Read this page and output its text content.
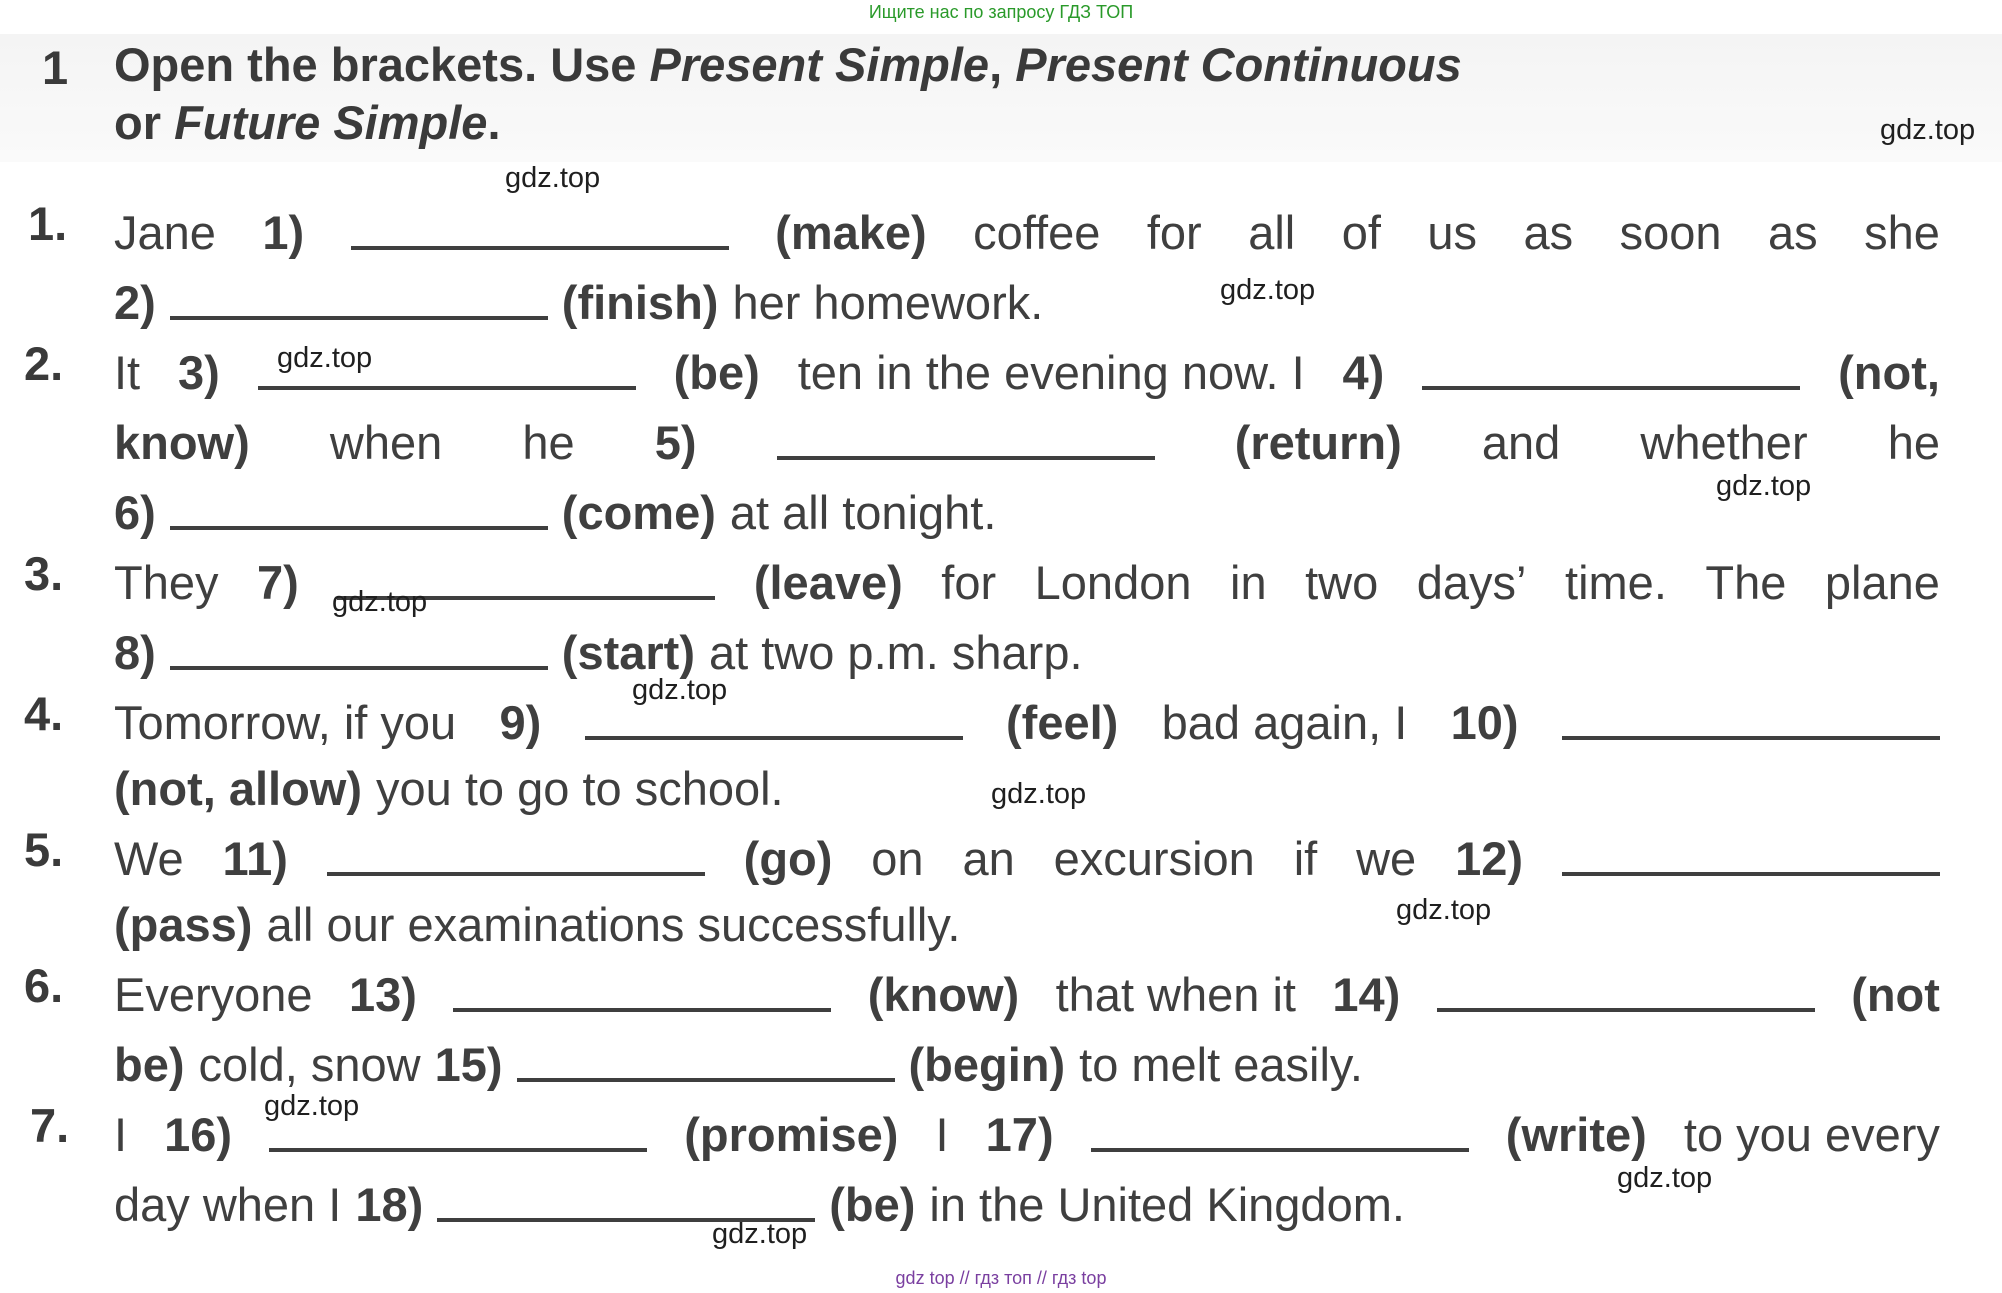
Ищите нас по запросу ГДЗ ТОП
1 Open the brackets. Use Present Simple, Present Continuous
or Future Simple.

1. Jane 1)	(make) coffee for all of us as soon as she
2)	(finish) her homework.
2. It 3)	(be) ten in the evening now. I 4)	(not,
know) when he 5)	(return) and whether he
6)	(come) at all tonight.
3. They 7)	(leave) for London in two days’ time. The plane
8)	(start) at two p.m. sharp.
4. Tomorrow, if you 9)	(feel) bad again, I 10)
(not, allow) you to go to school.
5. We 11)	(go) on an excursion if we 12)
(pass) all our examinations successfully.
6. Everyone 13)	(know) that when it 14)	(not
be) cold, snow 15)	(begin) to melt easily.
7. I 16)	(promise) I 17)	(write) to you every
day when I 18)	(be) in the United Kingdom.
gdz.top
gdz.top
gdz.top
gdz.top
gdz.top
gdz.top
gdz.top
gdz.top
gdz.top
gdz.top
gdz.top
gdz.top
gdz top // гдз топ // гдз top
